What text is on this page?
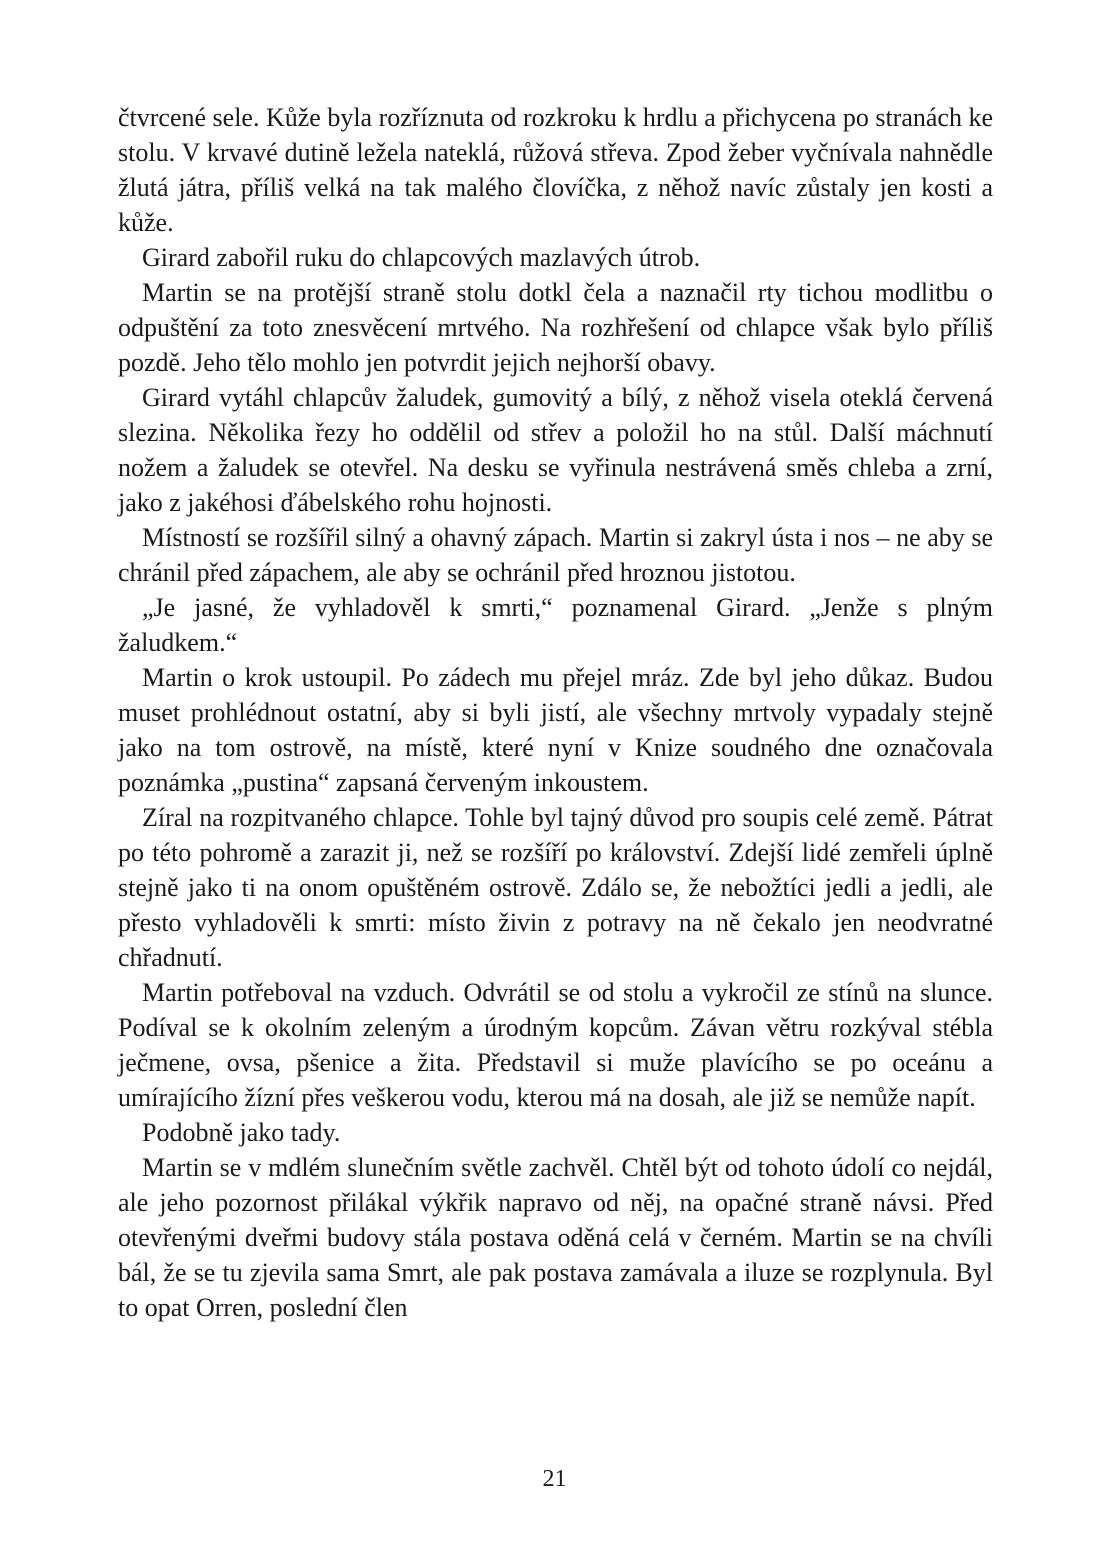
čtvrcené sele. Kůže byla rozříznuta od rozkroku k hrdlu a přichycena po stranách ke stolu. V krvavé dutině ležela nateklá, růžová střeva. Zpod žeber vyčnívala nahnědle žlutá játra, příliš velká na tak malého človíčka, z něhož navíc zůstaly jen kosti a kůže.

Girard zabořil ruku do chlapcových mazlavých útrob.

Martin se na protější straně stolu dotkl čela a naznačil rty tichou modlitbu o odpuštění za toto znesvěcení mrtvého. Na rozhřešení od chlapce však bylo příliš pozdě. Jeho tělo mohlo jen potvrdit jejich nejhorší obavy.

Girard vytáhl chlapcův žaludek, gumovitý a bílý, z něhož visela oteklá červená slezina. Několika řezy ho oddělil od střev a položil ho na stůl. Další máchnutí nožem a žaludek se otevřel. Na desku se vyřinula nestrávená směs chleba a zrní, jako z jakéhosi ďábelského rohu hojnosti.

Místností se rozšířil silný a ohavný zápach. Martin si zakryl ústa i nos – ne aby se chránil před zápachem, ale aby se ochránil před hroznou jistotou.

„Je jasné, že vyhladověl k smrti,“ poznamenal Girard. „Jenže s plným žaludkem.“

Martin o krok ustoupil. Po zádech mu přejel mráz. Zde byl jeho důkaz. Budou muset prohlédnout ostatní, aby si byli jistí, ale všechny mrtvoly vypadaly stejně jako na tom ostrově, na místě, které nyní v Knize soudného dne označovala poznámka „pustina“ zapsaná červeným inkoustem.

Zíral na rozpitvaného chlapce. Tohle byl tajný důvod pro soupis celé země. Pátrat po této pohromě a zarazit ji, než se rozšíří po království. Zdejší lidé zemřeli úplně stejně jako ti na onom opuštěném ostrově. Zdálo se, že nebožtíci jedli a jedli, ale přesto vyhladověli k smrti: místo živin z potravy na ně čekalo jen neodvratné chřadnutí.

Martin potřeboval na vzduch. Odvrátil se od stolu a vykročil ze stínů na slunce. Podíval se k okolním zeleným a úrodným kopcům. Závan větru rozkýval stébla ječmene, ovsa, pšenice a žita. Představil si muže plavícího se po oceánu a umírajícího žízní přes veškerou vodu, kterou má na dosah, ale již se nemůže napít.

Podobně jako tady.

Martin se v mdlém slunečním světle zachvěl. Chtěl být od tohoto údolí co nejdál, ale jeho pozornost přilákal výkřik napravo od něj, na opačné straně návsi. Před otevřenými dveřmi budovy stála postava oděná celá v černém. Martin se na chvíli bál, že se tu zjevila sama Smrt, ale pak postava zamávala a iluze se rozplynula. Byl to opat Orren, poslední člen

21
